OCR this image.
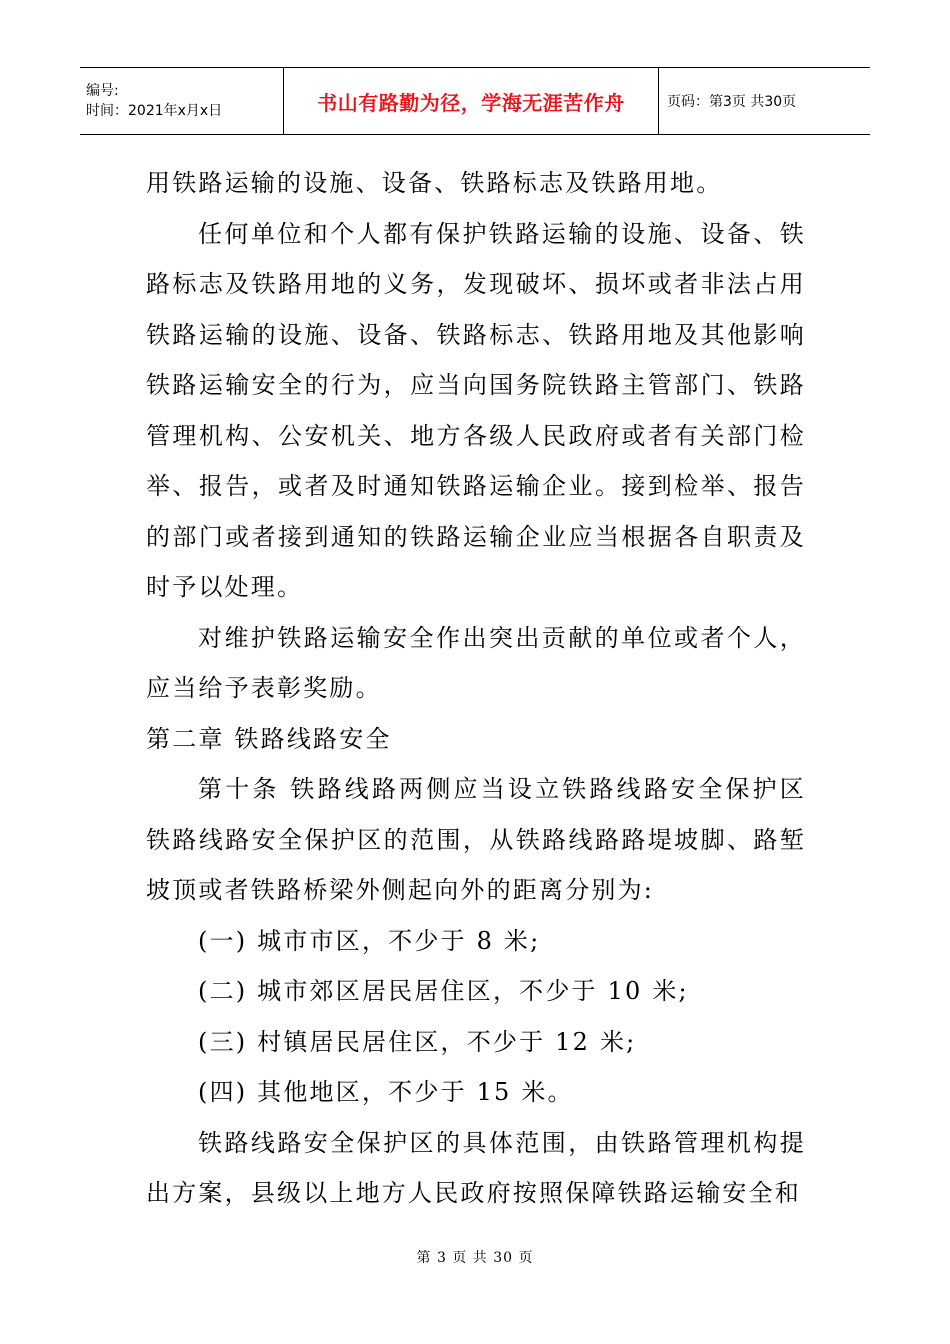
编号:
时间：2021年x月x日	书山有路勤为径，学海无涯苦作舟	页码：第3页 共30页

用铁路运输的设施、设备、铁路标志及铁路用地。

任何单位和个人都有保护铁路运输的设施、设备、铁路标志及铁路用地的义务，发现破坏、损坏或者非法占用铁路运输的设施、设备、铁路标志、铁路用地及其他影响铁路运输安全的行为，应当向国务院铁路主管部门、铁路管理机构、公安机关、地方各级人民政府或者有关部门检举、报告，或者及时通知铁路运输企业。接到检举、报告的部门或者接到通知的铁路运输企业应当根据各自职责及时予以处理。

对维护铁路运输安全作出突出贡献的单位或者个人，应当给予表彰奖励。

第二章 铁路线路安全

第十条 铁路线路两侧应当设立铁路线路安全保护区铁路线路安全保护区的范围，从铁路线路路堤坡脚、路堑坡顶或者铁路桥梁外侧起向外的距离分别为:

(一) 城市市区，不少于 8 米;

(二) 城市郊区居民居住区，不少于 10 米;

(三) 村镇居民居住区，不少于 12 米;

(四) 其他地区，不少于 15 米。

铁路线路安全保护区的具体范围，由铁路管理机构提出方案，县级以上地方人民政府按照保障铁路运输安全和

第 3 页 共 30 页
